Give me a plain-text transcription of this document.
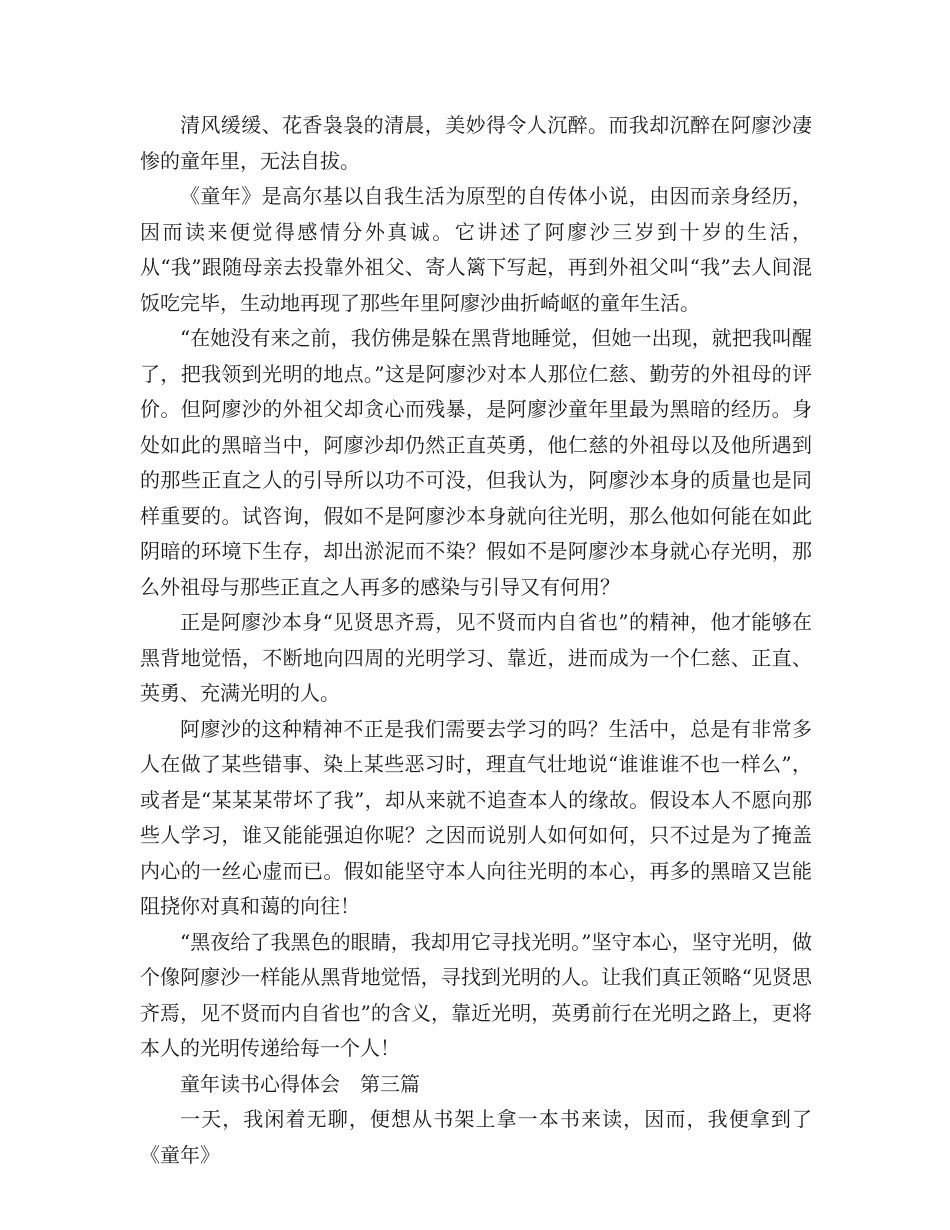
清风缓缓、花香袅袅的清晨，美妙得令人沉醉。而我却沉醉在阿廖沙凄惨的童年里，无法自拔。

《童年》是高尔基以自我生活为原型的自传体小说，由因而亲身经历，因而读来便觉得感情分外真诚。它讲述了阿廖沙三岁到十岁的生活，从“我”跟随母亲去投靠外祖父、寄人篱下写起，再到外祖父叫“我”去人间混饭吃完毕，生动地再现了那些年里阿廖沙曲折崎岖的童年生活。

“在她没有来之前，我仿佛是躲在黑背地睡觉，但她一出现，就把我叫醒了，把我领到光明的地点。”这是阿廖沙对本人那位仁慈、勤劳的外祖母的评价。但阿廖沙的外祖父却贪心而残暴，是阿廖沙童年里最为黑暗的经历。身处如此的黑暗当中，阿廖沙却仍然正直英勇，他仁慈的外祖母以及他所遇到的那些正直之人的引导所以功不可没，但我认为，阿廖沙本身的质量也是同样重要的。试咨询，假如不是阿廖沙本身就向往光明，那么他如何能在如此阴暗的环境下生存，却出淤泥而不染？假如不是阿廖沙本身就心存光明，那么外祖母与那些正直之人再多的感染与引导又有何用？

正是阿廖沙本身“见贤思齐焉，见不贤而内自省也”的精神，他才能够在黑背地觉悟，不断地向四周的光明学习、靠近，进而成为一个仁慈、正直、英勇、充满光明的人。

阿廖沙的这种精神不正是我们需要去学习的吗？生活中，总是有非常多人在做了某些错事、染上某些恶习时，理直气壮地说“谁谁谁不也一样么”，或者是“某某某带坏了我”，却从来就不追查本人的缘故。假设本人不愿向那些人学习，谁又能能强迫你呢？之因而说别人如何如何，只不过是为了掩盖内心的一丝心虚而已。假如能坚守本人向往光明的本心，再多的黑暗又岂能阻挠你对真和蔼的向往！

“黑夜给了我黑色的眼睛，我却用它寻找光明。”坚守本心，坚守光明，做个像阿廖沙一样能从黑背地觉悟，寻找到光明的人。让我们真正领略“见贤思齐焉，见不贤而内自省也”的含义，靠近光明，英勇前行在光明之路上，更将本人的光明传递给每一个人！

童年读书心得体会　第三篇

一天，我闲着无聊，便想从书架上拿一本书来读，因而，我便拿到了《童年》
